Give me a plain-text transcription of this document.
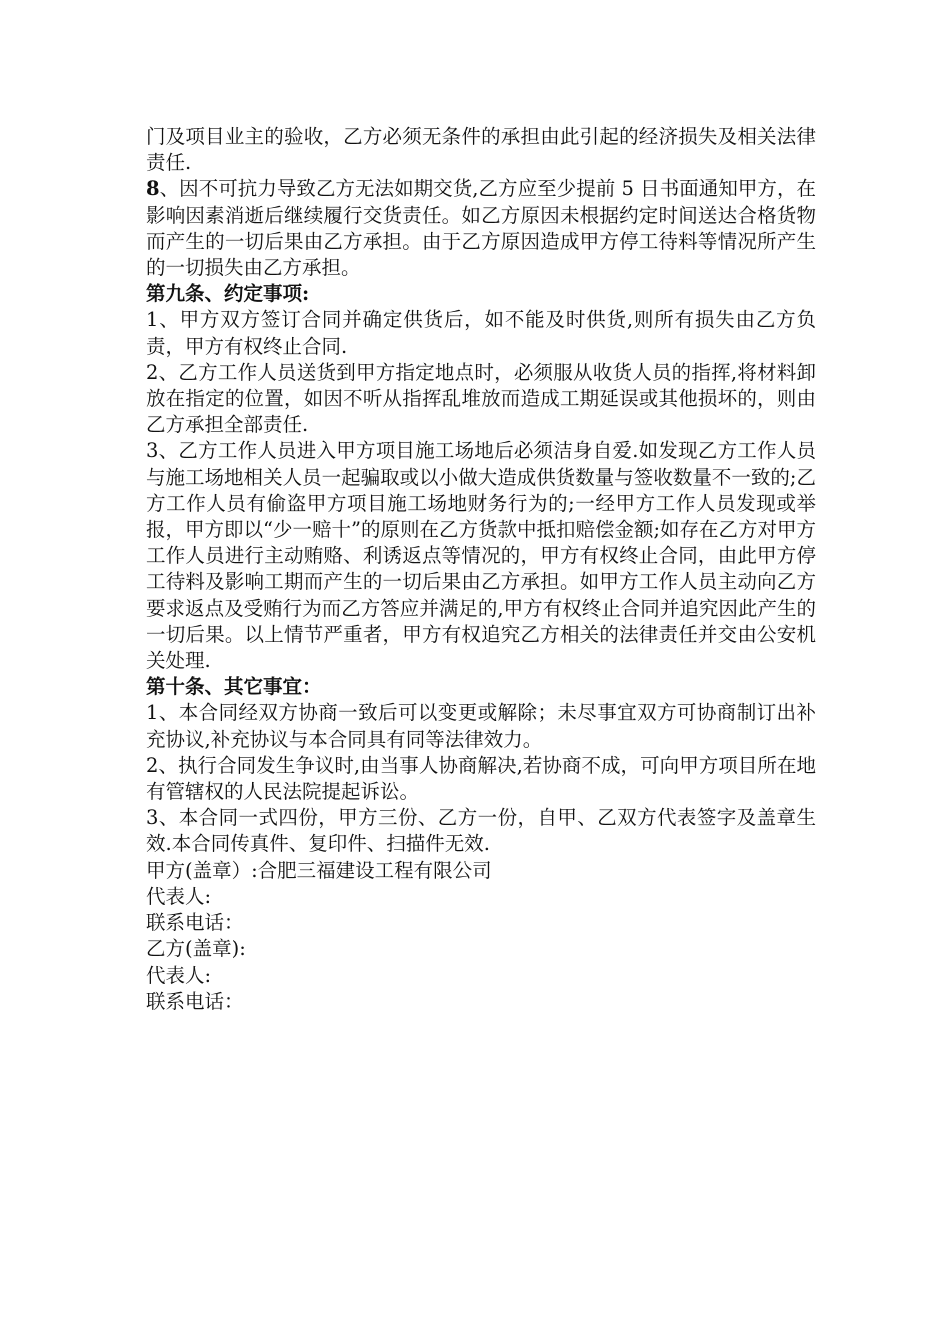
门及项目业主的验收，乙方必须无条件的承担由此引起的经济损失及相关法律责任.
8、因不可抗力导致乙方无法如期交货,乙方应至少提前 5 日书面通知甲方，在影响因素消逝后继续履行交货责任。如乙方原因未根据约定时间送达合格货物而产生的一切后果由乙方承担。由于乙方原因造成甲方停工待料等情况所产生的一切损失由乙方承担。
第九条、约定事项:
1、甲方双方签订合同并确定供货后，如不能及时供货,则所有损失由乙方负责，甲方有权终止合同.
2、乙方工作人员送货到甲方指定地点时，必须服从收货人员的指挥,将材料卸放在指定的位置，如因不听从指挥乱堆放而造成工期延误或其他损坏的，则由乙方承担全部责任.
3、乙方工作人员进入甲方项目施工场地后必须洁身自爱.如发现乙方工作人员与施工场地相关人员一起骗取或以小做大造成供货数量与签收数量不一致的;乙方工作人员有偷盗甲方项目施工场地财务行为的;一经甲方工作人员发现或举报，甲方即以“少一赔十”的原则在乙方货款中抵扣赔偿金额;如存在乙方对甲方工作人员进行主动贿赂、利诱返点等情况的，甲方有权终止合同，由此甲方停工待料及影响工期而产生的一切后果由乙方承担。如甲方工作人员主动向乙方要求返点及受贿行为而乙方答应并满足的,甲方有权终止合同并追究因此产生的一切后果。以上情节严重者，甲方有权追究乙方相关的法律责任并交由公安机关处理.
第十条、其它事宜：
1、本合同经双方协商一致后可以变更或解除；未尽事宜双方可协商制订出补充协议,补充协议与本合同具有同等法律效力。
2、执行合同发生争议时,由当事人协商解决,若协商不成，可向甲方项目所在地有管辖权的人民法院提起诉讼。
3、本合同一式四份，甲方三份、乙方一份，自甲、乙双方代表签字及盖章生效.本合同传真件、复印件、扫描件无效.
甲方(盖章）:合肥三福建设工程有限公司
代表人:
联系电话：
乙方(盖章):
代表人:
联系电话：
